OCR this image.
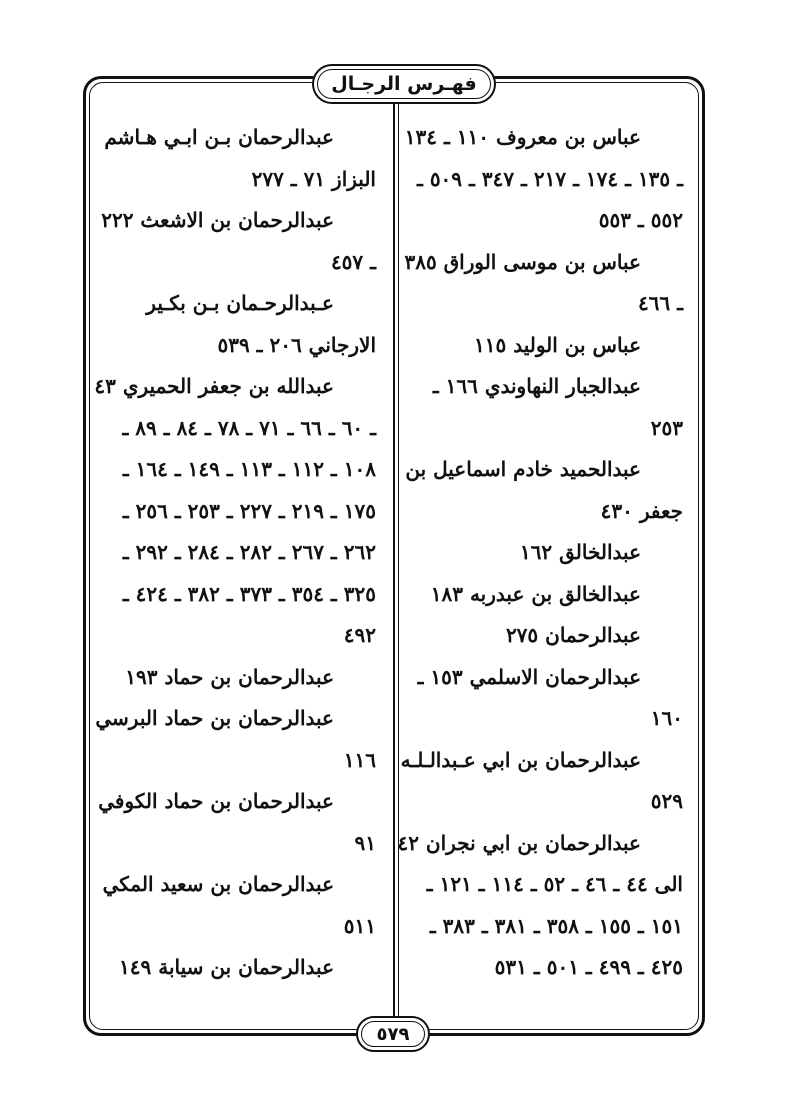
فهـرس الرجـال
عباس بن معروف ١١٠ ـ ١٣٤
ـ ١٣٥ ـ ١٧٤ ـ ٢١٧ ـ ٣٤٧ ـ ٥٠٩ ـ
٥٥٢ ـ ٥٥٣
عباس بن موسى الوراق ٣٨٥
ـ ٤٦٦
عباس بن الوليد ١١٥
عبدالجبار النهاوندي ١٦٦ ـ
٢٥٣
عبدالحميد خادم اسماعيل بن
جعفر ٤٣٠
عبدالخالق ١٦٢
عبدالخالق بن عبدربه ١٨٣
عبدالرحمان ٢٧٥
عبدالرحمان الاسلمي ١٥٣ ـ
١٦٠
عبدالرحمان بن ابي عـبدالـلـه
٥٢٩
عبدالرحمان بن ابي نجران ٤٢
الى ٤٤ ـ ٤٦ ـ ٥٢ ـ ١١٤ ـ ١٢١ ـ
١٥١ ـ ١٥٥ ـ ٣٥٨ ـ ٣٨١ ـ ٣٨٣ ـ
٤٢٥ ـ ٤٩٩ ـ ٥٠١ ـ ٥٣١
عبدالرحمان بـن ابـي هـاشم
البزاز ٧١ ـ ٢٧٧
عبدالرحمان بن الاشعث ٢٢٢
ـ ٤٥٧
عـبدالرحـمان بـن بكـير
الارجاني ٢٠٦ ـ ٥٣٩
عبدالله بن جعفر الحميري ٤٣
ـ ٦٠ ـ ٦٦ ـ ٧١ ـ ٧٨ ـ ٨٤ ـ ٨٩ ـ
١٠٨ ـ ١١٢ ـ ١١٣ ـ ١٤٩ ـ ١٦٤ ـ
١٧٥ ـ ٢١٩ ـ ٢٢٧ ـ ٢٥٣ ـ ٢٥٦ ـ
٢٦٢ ـ ٢٦٧ ـ ٢٨٢ ـ ٢٨٤ ـ ٢٩٢ ـ
٣٢٥ ـ ٣٥٤ ـ ٣٧٣ ـ ٣٨٢ ـ ٤٢٤ ـ
٤٩٢
عبدالرحمان بن حماد ١٩٣
عبدالرحمان بن حماد البرسي
١١٦
عبدالرحمان بن حماد الكوفي
٩١
عبدالرحمان بن سعيد المكي
٥١١
عبدالرحمان بن سيابة ١٤٩
٥٧٩
